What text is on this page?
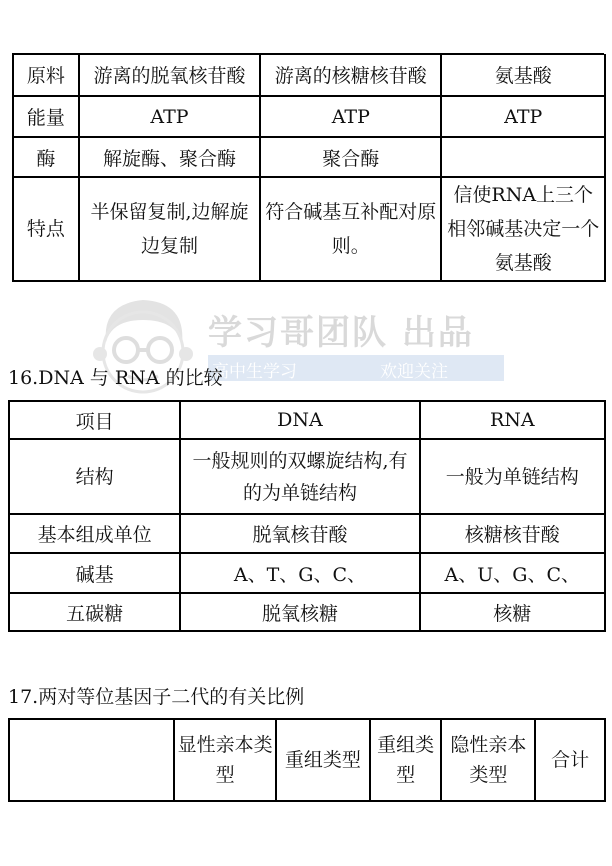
原料	游离的脱氧核苷酸	游离的核糖核苷酸	氨基酸
能量	ATP	ATP	ATP
酶	解旋酶、聚合酶	聚合酶	
特点	半保留复制,边解旋边复制	符合碱基互补配对原则。	信使RNA上三个相邻碱基决定一个氨基酸
学习哥团队 出品
高中生学习	欢迎关注
16.DNA 与 RNA 的比较
项目	DNA	RNA
结构	一般规则的双螺旋结构,有的为单链结构	一般为单链结构
基本组成单位	脱氧核苷酸	核糖核苷酸
碱基	A、T、G、C、	A、U、G、C、
五碳糖	脱氧核糖	核糖
17.两对等位基因子二代的有关比例
	显性亲本类型	重组类型	重组类型	隐性亲本类型	合计
